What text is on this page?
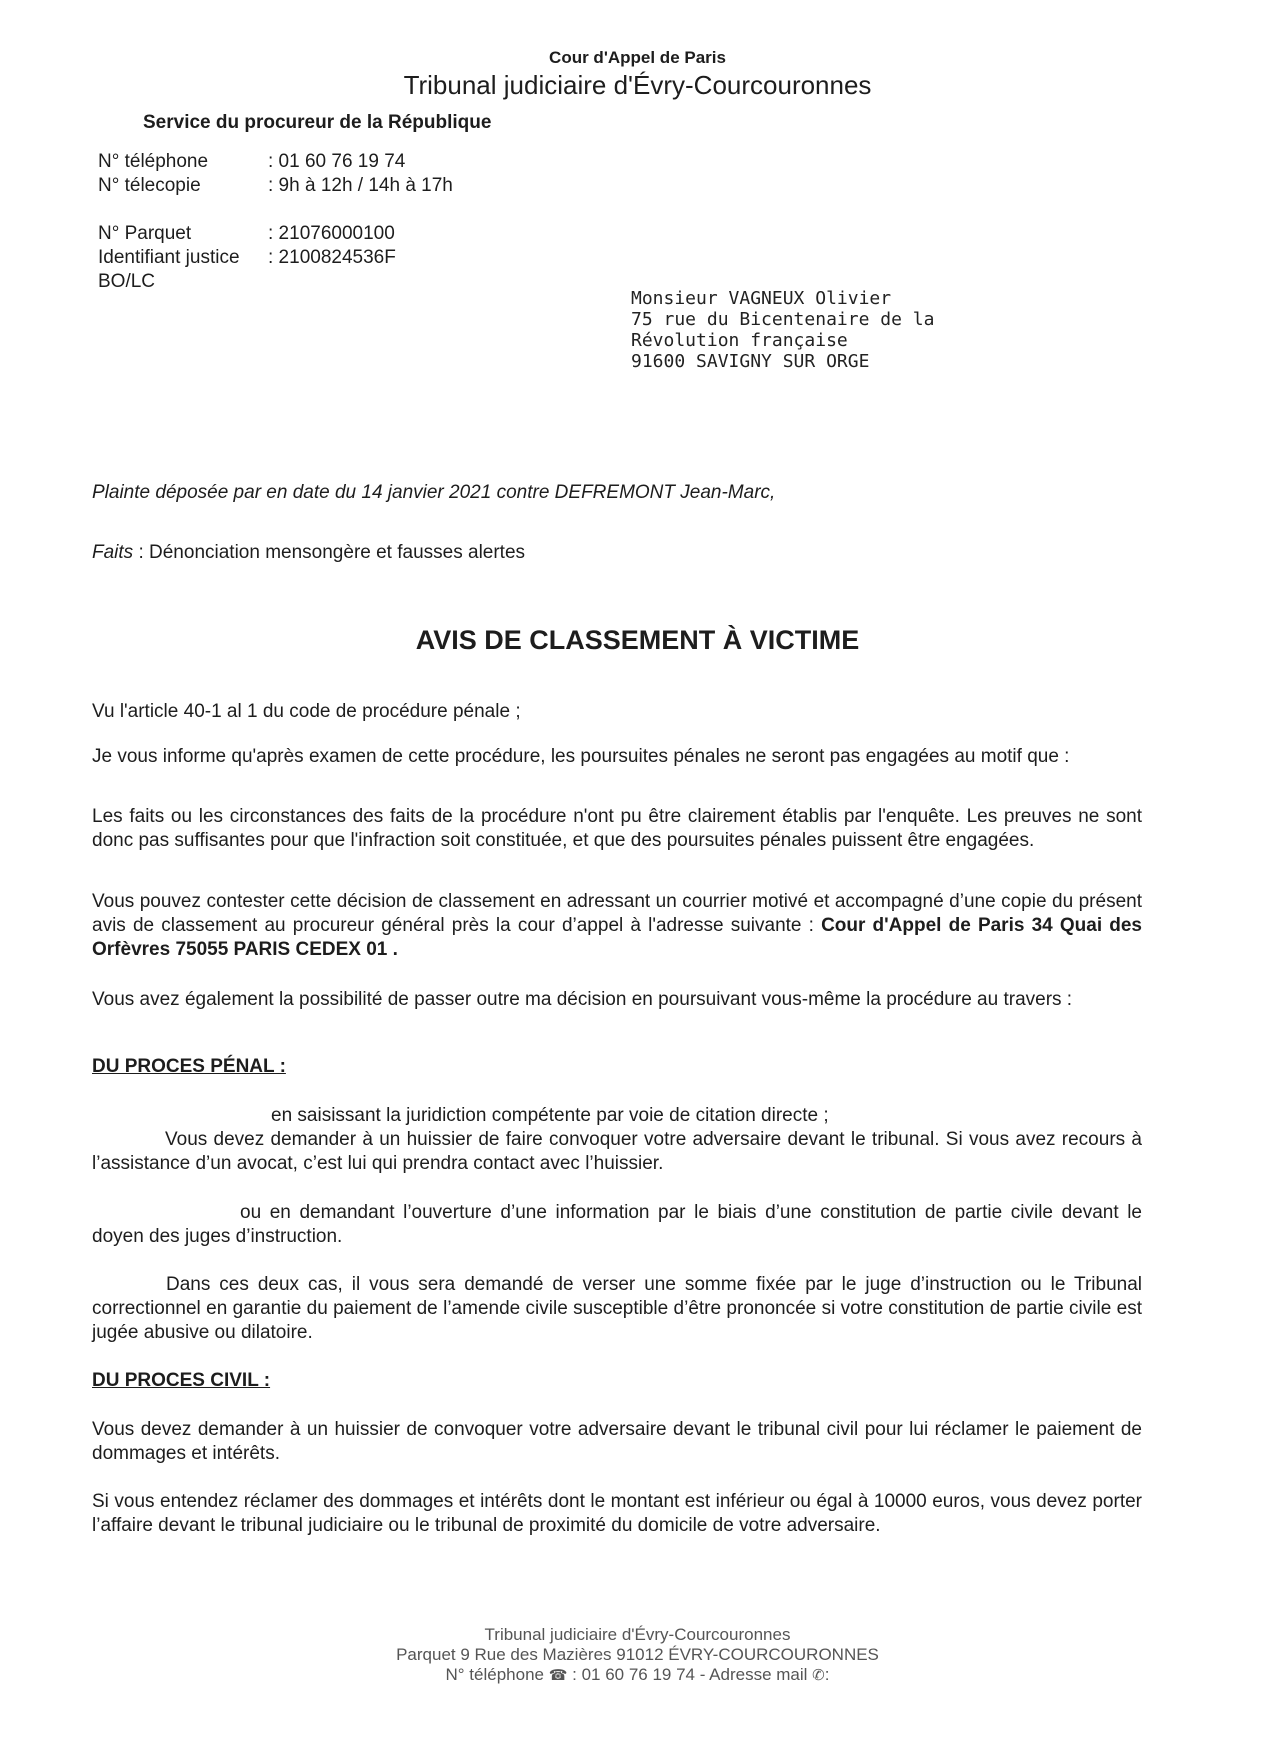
Cour d'Appel de Paris
Tribunal judiciaire d'Évry-Courcouronnes
Service du procureur de la République
N° téléphone	: 01 60 76 19 74
N° télecopie	: 9h à 12h / 14h à 17h
N° Parquet	: 21076000100
Identifiant justice : 2100824536F
BO/LC
Monsieur VAGNEUX Olivier
75 rue du Bicentenaire de la
Révolution française
91600 SAVIGNY SUR ORGE
Plainte déposée par en date du 14 janvier 2021 contre DEFREMONT Jean-Marc,
Faits : Dénonciation mensongère et fausses alertes
AVIS DE CLASSEMENT À VICTIME
Vu l'article 40-1 al 1 du code de procédure pénale ;
Je vous informe qu'après examen de cette procédure, les poursuites pénales ne seront pas engagées au motif que :
Les faits ou les circonstances des faits de la procédure n'ont pu être clairement établis par l'enquête. Les preuves ne sont donc pas suffisantes pour que l'infraction soit constituée, et que des poursuites pénales puissent être engagées.
Vous pouvez contester cette décision de classement en adressant un courrier motivé et accompagné d’une copie du présent avis de classement au procureur général près la cour d’appel à l'adresse suivante : Cour d'Appel de Paris 34 Quai des Orfèvres 75055 PARIS CEDEX 01 .
Vous avez également la possibilité de passer outre ma décision en poursuivant vous-même la procédure au travers :
DU PROCES PÉNAL :
en saisissant la juridiction compétente par voie de citation directe ;
Vous devez demander à un huissier de faire convoquer votre adversaire devant le tribunal. Si vous avez recours à l’assistance d’un avocat, c’est lui qui prendra contact avec l’huissier.
ou en demandant l’ouverture d’une information par le biais d’une constitution de partie civile devant le doyen des juges d’instruction.
Dans ces deux cas, il vous sera demandé de verser une somme fixée par le juge d’instruction ou le Tribunal correctionnel en garantie du paiement de l’amende civile susceptible d’être prononcée si votre constitution de partie civile est jugée abusive ou dilatoire.
DU PROCES CIVIL :
Vous devez demander à un huissier de convoquer votre adversaire devant le tribunal civil pour lui réclamer le paiement de dommages et intérêts.
Si vous entendez réclamer des dommages et intérêts dont le montant est inférieur ou égal à 10000 euros, vous devez porter l’affaire devant le tribunal judiciaire ou le tribunal de proximité du domicile de votre adversaire.
Tribunal judiciaire d'Évry-Courcouronnes
Parquet 9 Rue des Mazières 91012 ÉVRY-COURCOURONNES
N° téléphone ☎ : 01 60 76 19 74 - Adresse mail ✆:
